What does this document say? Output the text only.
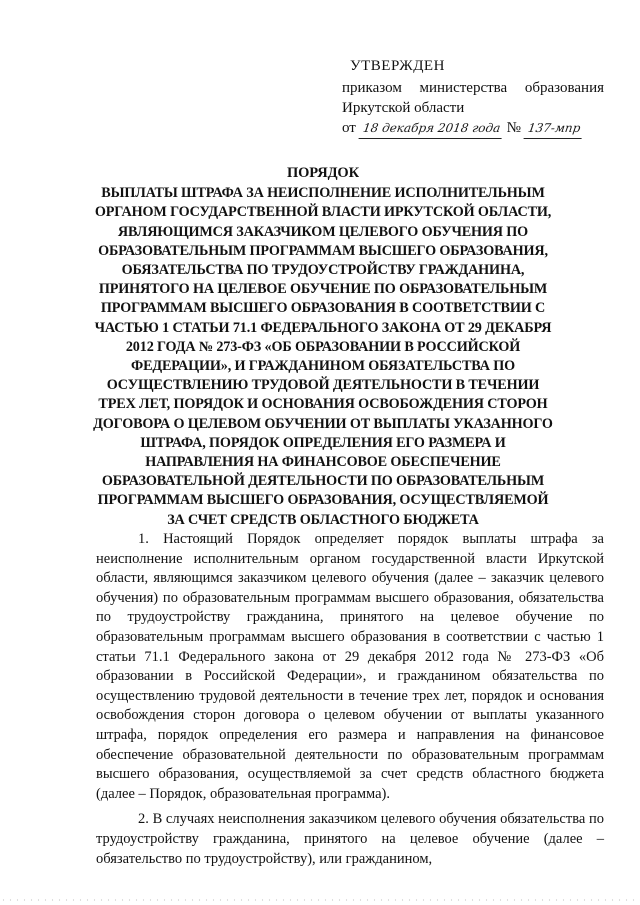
УТВЕРЖДЕН
приказом министерства образования
Иркутской области
от
18 декабря 2018 года
№
137-мпр
ПОРЯДОК
ВЫПЛАТЫ ШТРАФА ЗА НЕИСПОЛНЕНИЕ ИСПОЛНИТЕЛЬНЫМ ОРГАНОМ ГОСУДАРСТВЕННОЙ ВЛАСТИ ИРКУТСКОЙ ОБЛАСТИ, ЯВЛЯЮЩИМСЯ ЗАКАЗЧИКОМ ЦЕЛЕВОГО ОБУЧЕНИЯ ПО ОБРАЗОВАТЕЛЬНЫМ ПРОГРАММАМ ВЫСШЕГО ОБРАЗОВАНИЯ, ОБЯЗАТЕЛЬСТВА ПО ТРУДОУСТРОЙСТВУ ГРАЖДАНИНА, ПРИНЯТОГО НА ЦЕЛЕВОЕ ОБУЧЕНИЕ ПО ОБРАЗОВАТЕЛЬНЫМ ПРОГРАММАМ ВЫСШЕГО ОБРАЗОВАНИЯ В СООТВЕТСТВИИ С ЧАСТЬЮ 1 СТАТЬИ 71.1 ФЕДЕРАЛЬНОГО ЗАКОНА ОТ 29 ДЕКАБРЯ 2012 ГОДА № 273-ФЗ «ОБ ОБРАЗОВАНИИ В РОССИЙСКОЙ ФЕДЕРАЦИИ», И ГРАЖДАНИНОМ ОБЯЗАТЕЛЬСТВА ПО ОСУЩЕСТВЛЕНИЮ ТРУДОВОЙ ДЕЯТЕЛЬНОСТИ В ТЕЧЕНИИ ТРЕХ ЛЕТ, ПОРЯДОК И ОСНОВАНИЯ ОСВОБОЖДЕНИЯ СТОРОН ДОГОВОРА О ЦЕЛЕВОМ ОБУЧЕНИИ ОТ ВЫПЛАТЫ УКАЗАННОГО ШТРАФА, ПОРЯДОК ОПРЕДЕЛЕНИЯ ЕГО РАЗМЕРА И НАПРАВЛЕНИЯ НА ФИНАНСОВОЕ ОБЕСПЕЧЕНИЕ ОБРАЗОВАТЕЛЬНОЙ ДЕЯТЕЛЬНОСТИ ПО ОБРАЗОВАТЕЛЬНЫМ ПРОГРАММАМ ВЫСШЕГО ОБРАЗОВАНИЯ, ОСУЩЕСТВЛЯЕМОЙ ЗА СЧЕТ СРЕДСТВ ОБЛАСТНОГО БЮДЖЕТА

1. Настоящий Порядок определяет порядок выплаты штрафа за неисполнение исполнительным органом государственной власти Иркутской области, являющимся заказчиком целевого обучения (далее – заказчик целевого обучения) по образовательным программам высшего образования, обязательства по трудоустройству гражданина, принятого на целевое обучение по образовательным программам высшего образования в соответствии с частью 1 статьи 71.1 Федерального закона от 29 декабря 2012 года № 273-ФЗ «Об образовании в Российской Федерации», и гражданином обязательства по осуществлению трудовой деятельности в течение трех лет, порядок и основания освобождения сторон договора о целевом обучении от выплаты указанного штрафа, порядок определения его размера и направления на финансовое обеспечение образовательной деятельности по образовательным программам высшего образования, осуществляемой за счет средств областного бюджета (далее – Порядок, образовательная программа).

2. В случаях неисполнения заказчиком целевого обучения обязательства по трудоустройству гражданина, принятого на целевое обучение (далее – обязательство по трудоустройству), или гражданином,
